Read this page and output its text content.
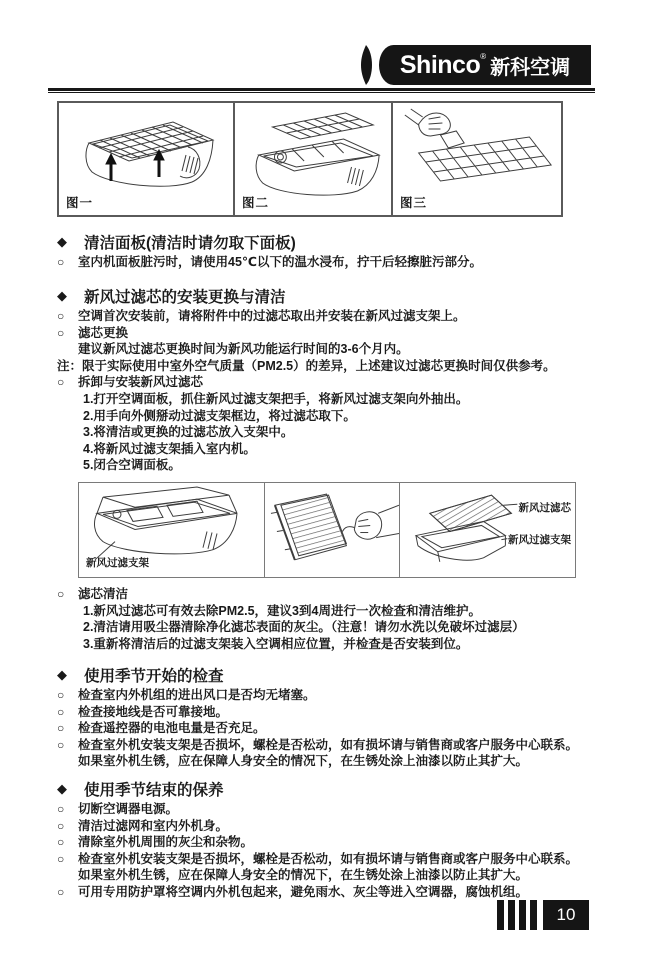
Shinco ® 新科空调
图一	图二	图三
◆	清洁面板(清洁时请勿取下面板)
○	室内机面板脏污时，请使用45℃以下的温水浸布，拧干后轻擦脏污部分。
◆	新风过滤芯的安装更换与清洁
○	空调首次安装前，请将附件中的过滤芯取出并安装在新风过滤支架上。
○	滤芯更换
建议新风过滤芯更换时间为新风功能运行时间的3-6个月内。
注：限于实际使用中室外空气质量（PM2.5）的差异，上述建议过滤芯更换时间仅供参考。
○	拆卸与安装新风过滤芯
1.打开空调面板，抓住新风过滤支架把手，将新风过滤支架向外抽出。
2.用手向外侧掰动过滤支架框边，将过滤芯取下。
3.将清洁或更换的过滤芯放入支架中。
4.将新风过滤支架插入室内机。
5.闭合空调面板。
新风过滤支架
新风过滤芯
新风过滤支架
○	滤芯清洁
1.新风过滤芯可有效去除PM2.5，建议3到4周进行一次检查和清洁维护。
2.清洁请用吸尘器清除净化滤芯表面的灰尘。（注意！请勿水洗以免破坏过滤层）
3.重新将清洁后的过滤支架装入空调相应位置，并检查是否安装到位。
◆	使用季节开始的检查
○	检查室内外机组的进出风口是否均无堵塞。
○	检查接地线是否可靠接地。
○	检查遥控器的电池电量是否充足。
○	检查室外机安装支架是否损坏，螺栓是否松动，如有损坏请与销售商或客户服务中心联系。
如果室外机生锈，应在保障人身安全的情况下，在生锈处涂上油漆以防止其扩大。
◆	使用季节结束的保养
○	切断空调器电源。
○	清洁过滤网和室内外机身。
○	清除室外机周围的灰尘和杂物。
○	检查室外机安装支架是否损坏，螺栓是否松动，如有损坏请与销售商或客户服务中心联系。
如果室外机生锈，应在保障人身安全的情况下，在生锈处涂上油漆以防止其扩大。
○	可用专用防护罩将空调内外机包起来，避免雨水、灰尘等进入空调器，腐蚀机组。
10
